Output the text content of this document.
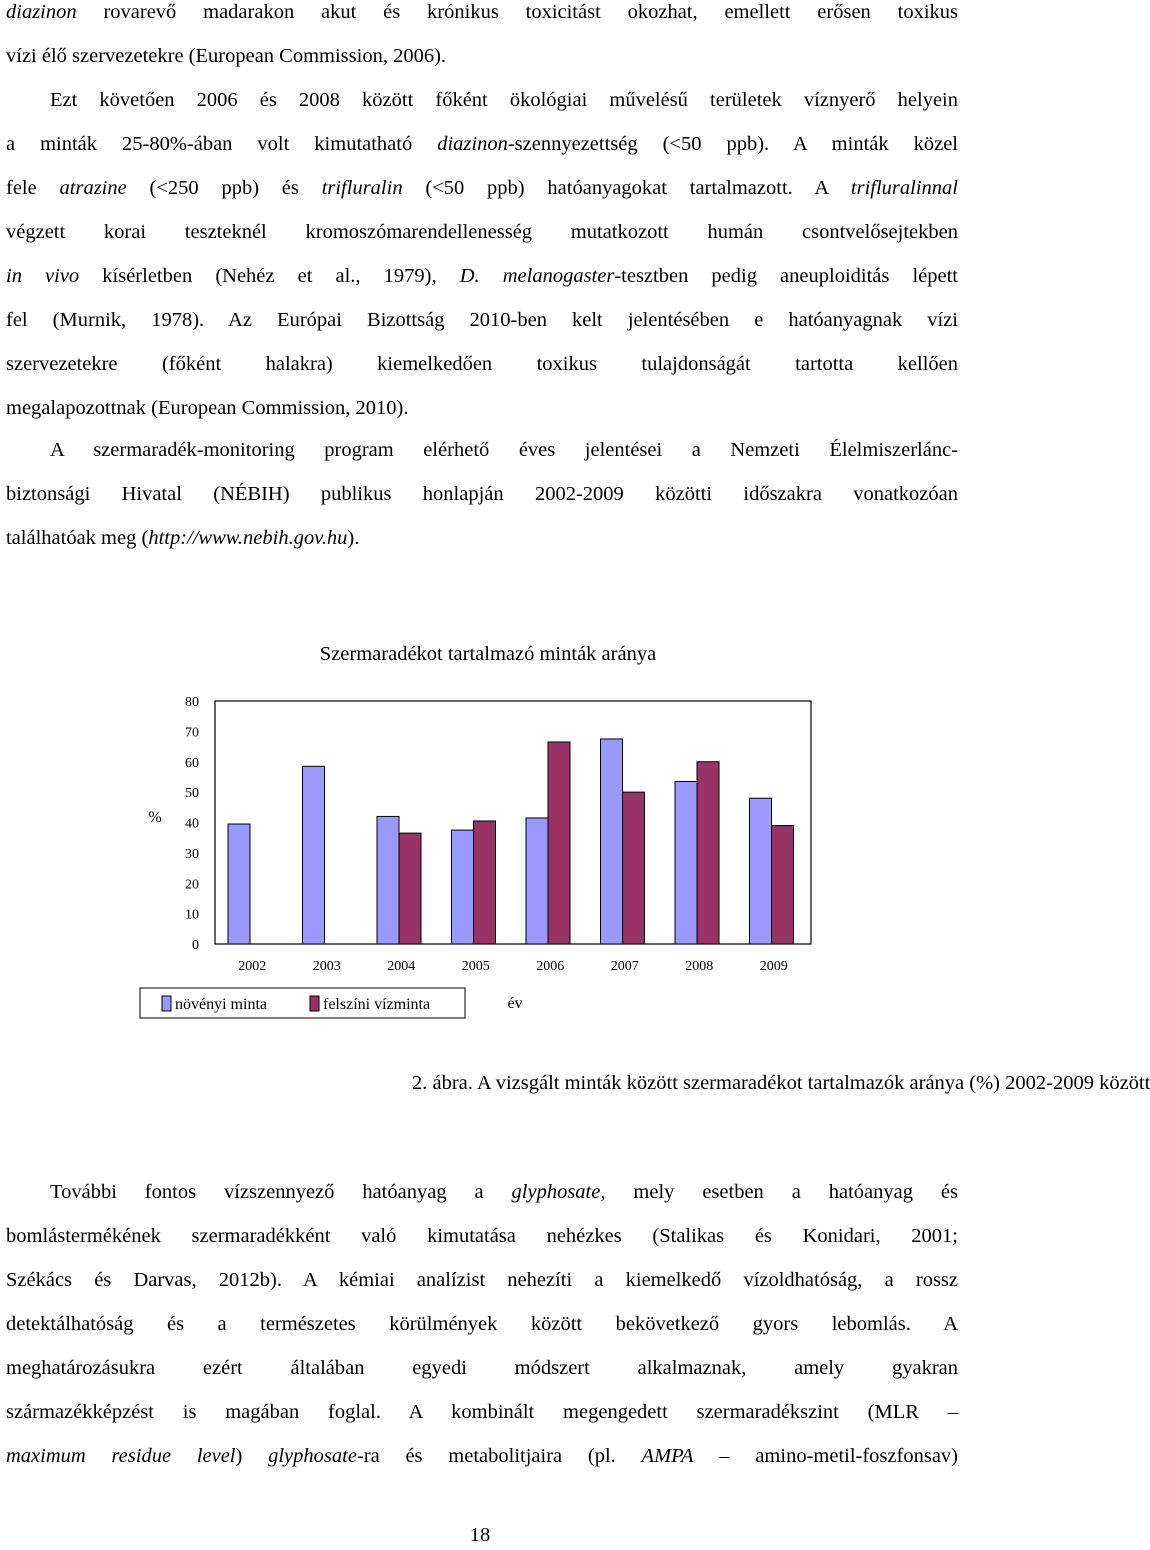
diazinon rovarevő madarakon akut és krónikus toxicitást okozhat, emellett erősen toxikus
vízi élő szervezetekre (European Commission, 2006).
Ezt követően 2006 és 2008 között főként ökológiai művelésű területek víznyerő helyein
a minták 25-80%-ában volt kimutatható diazinon-szennyezettség (<50 ppb). A minták közel
fele atrazine (<250 ppb) és trifluralin (<50 ppb) hatóanyagokat tartalmazott. A trifluralinnal
végzett korai teszteknél kromoszómarendellenesség mutatkozott humán csontvelősejtekben
in vivo kísérletben (Nehéz et al., 1979), D. melanogaster-tesztben pedig aneuploiditás lépett
fel (Murnik, 1978). Az Európai Bizottság 2010-ben kelt jelentésében e hatóanyagnak vízi
szervezetekre (főként halakra) kiemelkedően toxikus tulajdonságát tartotta kellően
megalapozottnak (European Commission, 2010).
A szermaradék-monitoring program elérhető éves jelentései a Nemzeti Élelmiszerlánc-
biztonsági Hivatal (NÉBIH) publikus honlapján 2002-2009 közötti időszakra vonatkozóan
találhatóak meg (http://www.nebih.gov.hu).
Szermaradékot tartalmazó minták aránya
%
0
10
20
30
40
50
60
70
80
2002	2003	2004	2005	2006	2007	2008	2009
növényi minta	felszíni vízminta	év

2. ábra. A vizsgált minták között szermaradékot tartalmazók aránya (%) 2002-2009 között

További fontos vízszennyező hatóanyag a glyphosate, mely esetben a hatóanyag és
bomlástermékének szermaradékként való kimutatása nehézkes (Stalikas és Konidari, 2001;
Székács és Darvas, 2012b). A kémiai analízist nehezíti a kiemelkedő vízoldhatóság, a rossz
detektálhatóság és a természetes körülmények között bekövetkező gyors lebomlás. A
meghatározásukra ezért általában egyedi módszert alkalmaznak, amely gyakran
származékképzést is magában foglal. A kombinált megengedett szermaradékszint (MLR –
maximum residue level) glyphosate-ra és metabolitjaira (pl. AMPA – amino-metil-foszfonsav)
18
